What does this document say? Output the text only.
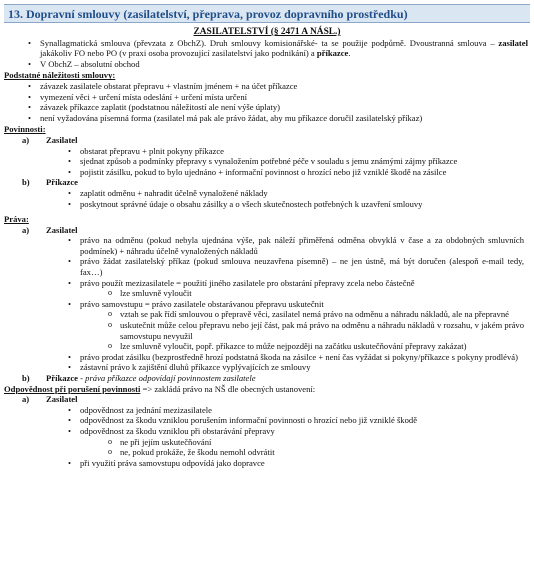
13. Dopravní smlouvy (zasilatelství, přeprava, provoz dopravního prostředku)
ZASILATELSTVÍ (§ 2471 A NÁSL.)
• Synallagmatická smlouva (převzata z ObchZ). Druh smlouvy komisionářské- ta se použije podpůrně. Dvoustranná smlouva – zasilatel jakákoliv FO nebo PO (v praxi osoba provozující zasilatelství jako podnikání) a příkazce.
• V ObchZ – absolutní obchod
Podstatné náležitosti smlouvy:
• závazek zasilatele obstarat přepravu + vlastním jménem + na účet příkazce
• vymezení věci + určení místa odeslání + určení místa určení
• závazek příkazce zaplatit (podstatnou náležitostí ale není výše úplaty)
• není vyžadována písemná forma (zasilatel má pak ale právo žádat, aby mu příkazce doručil zasilatelský příkaz)
Povinnosti:
a) Zasilatel
• obstarat přepravu + plnit pokyny příkazce
• sjednat způsob a podmínky přepravy s vynaložením potřebné péče v souladu s jemu známými zájmy příkazce
• pojistit zásilku, pokud to bylo ujednáno + informační povinnost o hrozící nebo již vzniklé škodě na zásilce
b) Příkazce
• zaplatit odměnu + nahradit účelně vynaložené náklady
• poskytnout správné údaje o obsahu zásilky a o všech skutečnostech potřebných k uzavření smlouvy
Práva:
a) Zasilatel
• právo na odměnu (pokud nebyla ujednána výše, pak náleží přiměřená odměna obvyklá v čase a za obdobných smluvních podmínek) + náhradu účelně vynaložených nákladů
• právo žádat zasilatelský příkaz (pokud smlouva neuzavřena písemně) – ne jen ústně, má být doručen (alespoň e-mail tedy, fax…)
• právo použít mezizasilatele = použití jiného zasilatele pro obstarání přepravy zcela nebo částečně
o lze smluvně vyloučit
• právo samovstupu = právo zasilatele obstarávanou přepravu uskutečnit
o vztah se pak řídí smlouvou o přepravě věci, zasilatel nemá právo na odměnu a náhradu nákladů, ale na přepravné
o uskutečnit může celou přepravu nebo její část, pak má právo na odměnu a náhradu nákladů v rozsahu, v jakém právo samovstupu nevyužil
o lze smluvně vyloučit, popř. příkazce to může nejpozději na začátku uskutečňování přepravy zakázat)
• právo prodat zásilku (bezprostředně hrozí podstatná škoda na zásilce + není čas vyžádat si pokyny/příkazce s pokyny prodlévá)
• zástavní právo k zajištění dluhů příkazce vyplývajících ze smlouvy
b) Příkazce - práva příkazce odpovídají povinnostem zasilatele
Odpovědnost při porušení povinnosti => zakládá právo na NŠ dle obecných ustanovení:
a) Zasilatel
• odpovědnost za jednání mezizasilatele
• odpovědnost za škodu vzniklou porušením informační povinnosti o hrozící nebo již vzniklé škodě
• odpovědnost za škodu vzniklou při obstarávání přepravy
o ne při jejím uskutečňování
o ne, pokud prokáže, že škodu nemohl odvrátit
• při využití práva samovstupu odpovídá jako dopravce
